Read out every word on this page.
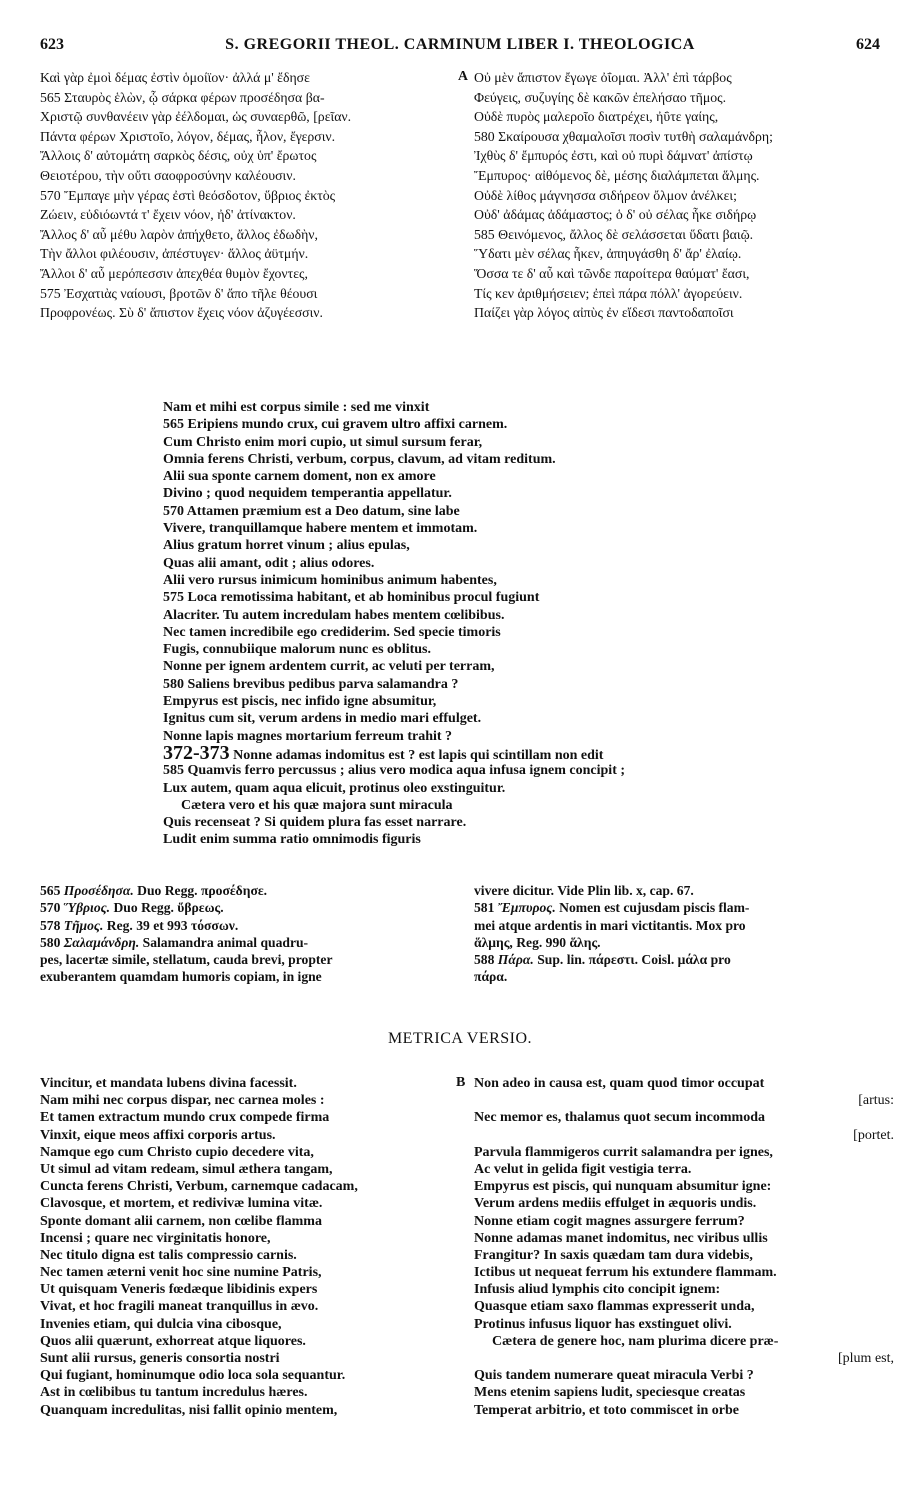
623	S. GREGORII THEOL. CARMINUM LIBER I. THEOLOGICA	624
Καὶ γὰρ ἐμοὶ δέμας ἐστὶν ὁμοίϊον· ἀλλά μ' ἔδησε
565 Σταυρὸς ἑλὼν, ᾧ σάρκα φέρων προσέδησα βα-
Χριστῷ συνθανέειν γὰρ ἐέλδομαι, ὡς συναερθῶ, [ρεῖαν.
Πάντα φέρων Χριστοῖο, λόγον, δέμας, ἧλον, ἔγερσιν.
Ἄλλοις δ' αὐτομάτη σαρκὸς δέσις, οὐχ ὑπ' ἔρωτος
Θειοτέρου, τὴν οὔτι σαοφροσύνην καλέουσιν.
570 Ἔμπαγε μὴν γέρας ἐστὶ θεόσδοτον, ὕβριος ἐκτὸς
Ζώειν, εὐδιόωντά τ' ἔχειν νόον, ἠδ' ἀτίνακτον.
Ἄλλος δ' αὖ μέθυ λαρὸν ἀπήχθετο, ἄλλος ἐδωδὴν,
Τὴν ἄλλοι φιλέουσιν, ἀπέστυγεν· ἄλλος ἀϋτμήν.
Ἄλλοι δ' αὖ μερόπεσσιν ἀπεχθέα θυμὸν ἔχοντες,
575 Ἐσχατιὰς ναίουσι, βροτῶν δ' ἄπο τῆλε θέουσι
Προφρονέως. Σὺ δ' ἄπιστον ἔχεις νόον ἀζυγέεσσιν.
A Οὐ μὲν ἄπιστον ἔγωγε ὀΐομαι. Ἀλλ' ἐπὶ τάρβος
Φεύγεις, συζυγίης δὲ κακῶν ἐπελήσαο τῆμος.
Οὐδὲ πυρὸς μαλεροῖο διατρέχει, ἠΰτε γαίης,
580 Σκαίρουσα χθαμαλοῖσι ποσὶν τυτθὴ σαλαμάνδρη;
Ἰχθὺς δ' ἔμπυρός ἐστι, καὶ οὐ πυρὶ δάμνατ' ἀπίστῳ
Ἔμπυρος· αἰθόμενος δὲ, μέσης διαλάμπεται ἅλμης.
Οὐδὲ λίθος μάγνησσα σιδήρεον ὄλμον ἀνέλκει;
Οὐδ' ἀδάμας ἀδάμαστος; ὁ δ' οὐ σέλας ἧκε σιδήρῳ
585 Θεινόμενος, ἄλλος δὲ σελάσσεται ὕδατι βαιῷ.
Ὕδατι μὲν σέλας ἧκεν, ἀπηυγάσθη δ' ἄρ' ἐλαίῳ.
Ὅσσα τε δ' αὖ καὶ τῶνδε παροίτερα θαύματ' ἔασι,
Τίς κεν ἀριθμήσειεν; ἐπεὶ πάρα πόλλ' ἀγορεύειν.
Παίζει γὰρ λόγος αἰπὺς ἐν εἴδεσι παντοδαποῖσι
Nam et mihi est corpus simile : sed me vinxit
565 Eripiens mundo crux, cui gravem ultro affixi carnem.
Cum Christo enim mori cupio, ut simul sursum ferar,
Omnia ferens Christi, verbum, corpus, clavum, ad vitam reditum.
Alii sua sponte carnem doment, non ex amore
Divino ; quod nequidem temperantia appellatur.
570 Attamen præmium est a Deo datum, sine labe
Vivere, tranquillamque habere mentem et immotam.
Alius gratum horret vinum ; alius epulas,
Quas alii amant, odit ; alius odores.
Alii vero rursus inimicum hominibus animum habentes,
575 Loca remotissima habitant, et ab hominibus procul fugiunt
Alacriter. Tu autem incredulam habes mentem cœlibibus.
Nec tamen incredibile ego crediderim. Sed specie timoris
Fugis, connubiique malorum nunc es oblitus.
Nonne per ignem ardentem currit, ac veluti per terram,
580 Saliens brevibus pedibus parva salamandra ?
Empyrus est piscis, nec infido igne absumitur,
Ignitus cum sit, verum ardens in medio mari effulget.
Nonne lapis magnes mortarium ferreum trahit ?
372-373 Nonne adamas indomitus est ? est lapis qui scintillam non edit
585 Quamvis ferro percussus ; alius vero modica aqua infusa ignem concipit ;
Lux autem, quam aqua elicuit, protinus oleo exstinguitur.
Cætera vero et his quæ majora sunt miracula
Quis recenseat ? Si quidem plura fas esset narrare.
Ludit enim summa ratio omnimodis figuris
565 Προσέδησα. Duo Regg. προσέδησε.
570 Ὕβριος. Duo Regg. ὕβρεως.
578 Τῆμος. Reg. 39 et 993 τόσσων.
580 Σαλαμάνδρη. Salamandra animal quadru-
pes, lacertæ simile, stellatum, cauda brevi, propter
exuberantem quamdam humoris copiam, in igne
vivere dicitur. Vide Plin lib. x, cap. 67.
581 Ἔμπυρος. Nomen est cujusdam piscis flam-
mei atque ardentis in mari victitantis. Mox pro
ἅλμης, Reg. 990 ἅλης.
588 Πάρα. Sup. lin. πάρεστι. Coisl. μάλα pro
πάρα.
METRICA VERSIO.
Vincitur, et mandata lubens divina facessit.
Nam mihi nec corpus dispar, nec carnea moles :
Et tamen extractum mundo crux compede firma
Vinxit, eique meos affixi corporis artus.
Namque ego cum Christo cupio decedere vita,
Ut simul ad vitam redeam, simul æthera tangam,
Cuncta ferens Christi, Verbum, carnemque cadacam,
Clavosque, et mortem, et redivivæ lumina vitæ.
Sponte domant alii carnem, non cœlibe flamma
Incensi ; quare nec virginitatis honore,
Nec titulo digna est talis compressio carnis.
Nec tamen æterni venit hoc sine numine Patris,
Ut quisquam Veneris fœdæque libidinis expers
Vivat, et hoc fragili maneat tranquillus in ævo.
Invenies etiam, qui dulcia vina cibosque,
Quos alii quærunt, exhorreat atque liquores.
Sunt alii rursus, generis consortia nostri
Qui fugiant, hominumque odio loca sola sequantur.
Ast in cœlibibus tu tantum incredulus hæres.
Quanquam incredulitas, nisi fallit opinio mentem,
B Non adeo in causa est, quam quod timor occupat
[artus:
Nec memor es, thalamus quot secum incommoda
[portet.
Parvula flammigeros currit salamandra per ignes,
Ac velut in gelida figit vestigia terra.
Empyrus est piscis, qui nunquam absumitur igne:
Verum ardens mediis effulget in æquoris undis.
Nonne etiam cogit magnes assurgere ferrum?
Nonne adamas manet indomitus, nec viribus ullis
Frangitur? In saxis quædam tam dura videbis,
Ictibus ut nequeat ferrum his extundere flammam.
Infusis aliud lymphis cito concipit ignem:
Quasque etiam saxo flammas expresserit unda,
Protinus infusus liquor has exstinguet olivi.
Cætera de genere hoc, nam plurima dicere præ-
[plum est,
Quis tandem numerare queat miracula Verbi ?
Mens etenim sapiens ludit, speciesque creatas
Temperat arbitrio, et toto commiscet in orbe
